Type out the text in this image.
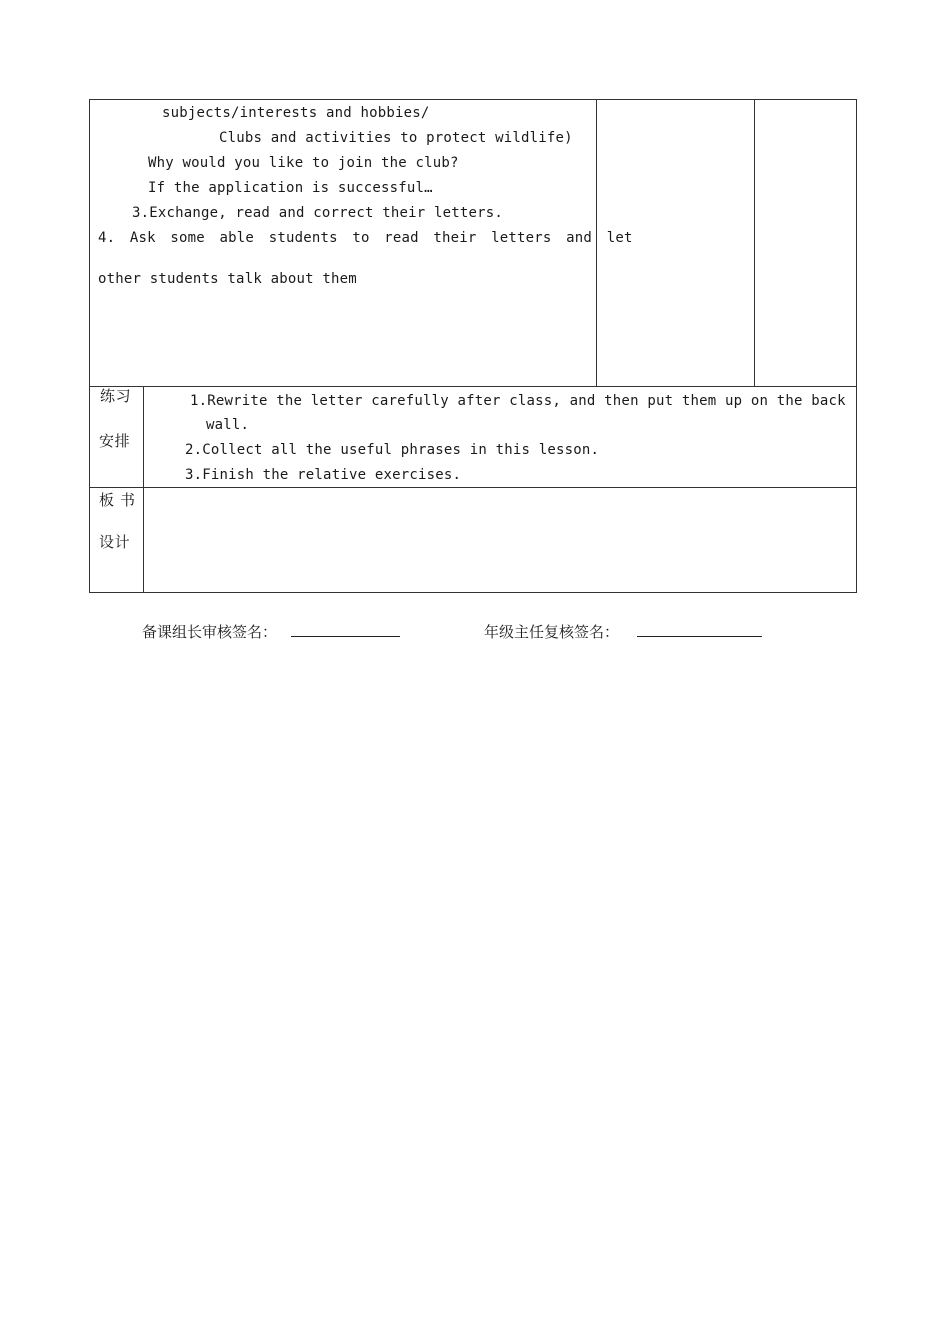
subjects/interests and hobbies/
Clubs and activities to protect wildlife)
Why would you like to join the club?
If the application is successful…
3.Exchange, read and correct their letters.
4. Ask some able students to read their letters and let
other students talk about them
练习
安排
1.Rewrite the letter carefully after class, and then put them up on the back
wall.
2.Collect all the useful phrases in this lesson.
3.Finish the relative exercises.
板 书
设计
备课组长审核签名：	年级主任复核签名：
